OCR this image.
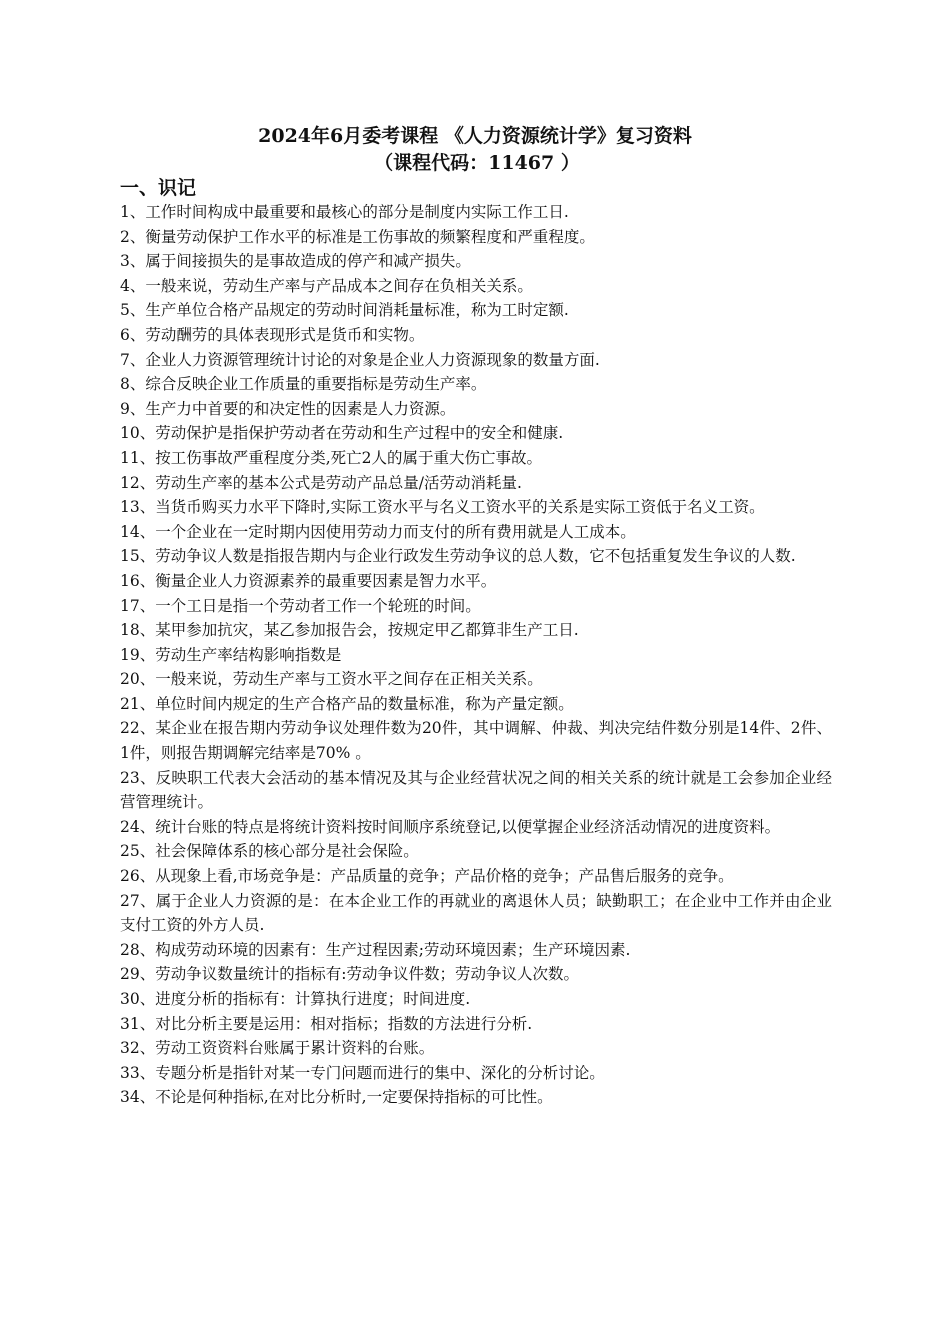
2024年6月委考课程 《人力资源统计学》复习资料

（课程代码：11467 ）

一、识记

1、工作时间构成中最重要和最核心的部分是制度内实际工作工日.

2、衡量劳动保护工作水平的标准是工伤事故的频繁程度和严重程度。

3、属于间接损失的是事故造成的停产和减产损失。

4、一般来说，劳动生产率与产品成本之间存在负相关关系。

5、生产单位合格产品规定的劳动时间消耗量标准，称为工时定额.

6、劳动酬劳的具体表现形式是货币和实物。

7、企业人力资源管理统计讨论的对象是企业人力资源现象的数量方面.

8、综合反映企业工作质量的重要指标是劳动生产率。

9、生产力中首要的和决定性的因素是人力资源。

10、劳动保护是指保护劳动者在劳动和生产过程中的安全和健康.

11、按工伤事故严重程度分类,死亡2人的属于重大伤亡事故。

12、劳动生产率的基本公式是劳动产品总量/活劳动消耗量.

13、当货币购买力水平下降时,实际工资水平与名义工资水平的关系是实际工资低于名义工资。

14、一个企业在一定时期内因使用劳动力而支付的所有费用就是人工成本。

15、劳动争议人数是指报告期内与企业行政发生劳动争议的总人数，它不包括重复发生争议的人数.

16、衡量企业人力资源素养的最重要因素是智力水平。

17、一个工日是指一个劳动者工作一个轮班的时间。

18、某甲参加抗灾，某乙参加报告会，按规定甲乙都算非生产工日.

19、劳动生产率结构影响指数是

20、一般来说，劳动生产率与工资水平之间存在正相关关系。

21、单位时间内规定的生产合格产品的数量标准，称为产量定额。

22、某企业在报告期内劳动争议处理件数为20件，其中调解、仲裁、判决完结件数分别是14件、2件、1件，则报告期调解完结率是70% 。

23、反映职工代表大会活动的基本情况及其与企业经营状况之间的相关关系的统计就是工会参加企业经营管理统计。

24、统计台账的特点是将统计资料按时间顺序系统登记,以便掌握企业经济活动情况的进度资料。

25、社会保障体系的核心部分是社会保险。

26、从现象上看,市场竞争是：产品质量的竞争；产品价格的竞争；产品售后服务的竞争。

27、属于企业人力资源的是：在本企业工作的再就业的离退休人员；缺勤职工；在企业中工作并由企业支付工资的外方人员.

28、构成劳动环境的因素有：生产过程因素;劳动环境因素；生产环境因素.

29、劳动争议数量统计的指标有:劳动争议件数；劳动争议人次数。

30、进度分析的指标有：计算执行进度；时间进度.

31、对比分析主要是运用：相对指标；指数的方法进行分析.

32、劳动工资资料台账属于累计资料的台账。

33、专题分析是指针对某一专门问题而进行的集中、深化的分析讨论。

34、不论是何种指标,在对比分析时,一定要保持指标的可比性。
